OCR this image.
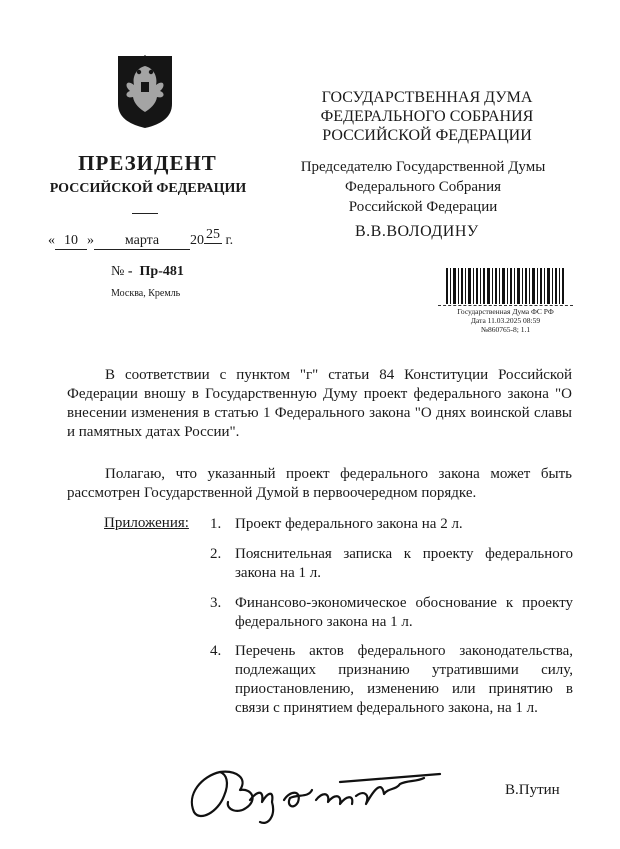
ПРЕЗИДЕНТ
РОССИЙСКОЙ ФЕДЕРАЦИИ
« 10 » марта 20 25 г.
№ -  Пр-481
Москва, Кремль
ГОСУДАРСТВЕННАЯ ДУМА
ФЕДЕРАЛЬНОГО СОБРАНИЯ
РОССИЙСКОЙ ФЕДЕРАЦИИ
Председателю Государственной Думы
Федерального Собрания
Российской Федерации
В.В.ВОЛОДИНУ
Государственная Дума ФС РФ
Дата 11.03.2025 08:59
№860765-8; 1.1
В соответствии с пунктом "г" статьи 84 Конституции Российской Федерации вношу в Государственную Думу проект федерального закона "О внесении изменения в статью 1 Федерального закона "О днях воинской славы и памятных датах России".
Полагаю, что указанный проект федерального закона может быть рассмотрен Государственной Думой в первоочередном порядке.
Приложения: 1. Проект федерального закона на 2 л.
2. Пояснительная записка к проекту федерального закона на 1 л.
3. Финансово-экономическое обоснование к проекту федерального закона на 1 л.
4. Перечень актов федерального законодательства, подлежащих признанию утратившими силу, приостановлению, изменению или принятию в связи с принятием федерального закона, на 1 л.
В.Путин
